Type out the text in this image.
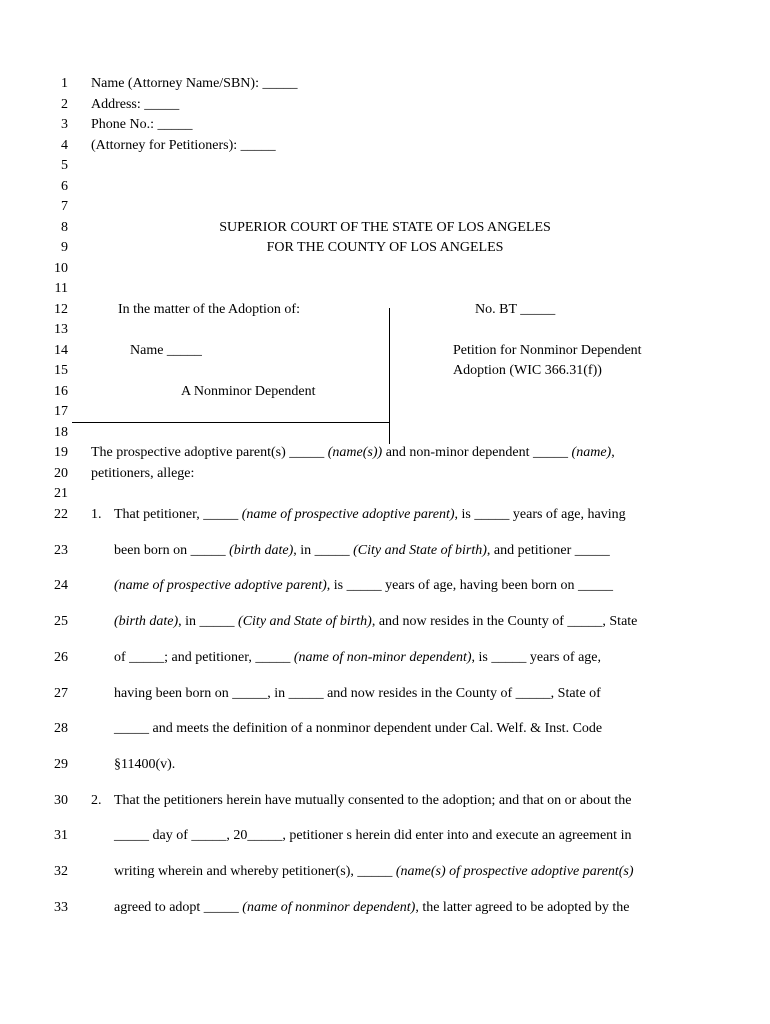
1
2
3
4
5
6
7
8
9
10
11
12
13
14
15
16
17
18
19
20
21
22
23
24
25
26
27
28
29
30
31
32
33
Name (Attorney Name/SBN): _____
Address: _____
Phone No.: _____
(Attorney for Petitioners): _____
SUPERIOR COURT OF THE STATE OF LOS ANGELES
FOR THE COUNTY OF LOS ANGELES
In the matter of the Adoption of:
Name _____
A Nonminor Dependent
No. BT _____
Petition for Nonminor Dependent
Adoption (WIC 366.31(f))
The prospective adoptive parent(s) _____ (name(s)) and non-minor dependent _____ (name),
petitioners, allege:
1. That petitioner, _____ (name of prospective adoptive parent), is _____ years of age, having
been born on _____ (birth date), in _____ (City and State of birth), and petitioner _____
(name of prospective adoptive parent), is _____ years of age, having been born on _____
(birth date), in _____ (City and State of birth), and now resides in the County of _____, State
of _____; and petitioner, _____ (name of non-minor dependent), is _____ years of age,
having been born on _____, in _____ and now resides in the County of _____, State of
_____ and meets the definition of a nonminor dependent under Cal. Welf. & Inst. Code
§11400(v).
2. That the petitioners herein have mutually consented to the adoption; and that on or about the
_____ day of _____, 20_____, petitioner s herein did enter into and execute an agreement in
writing wherein and whereby petitioner(s), _____ (name(s) of prospective adoptive parent(s)
agreed to adopt _____ (name of nonminor dependent), the latter agreed to be adopted by the
